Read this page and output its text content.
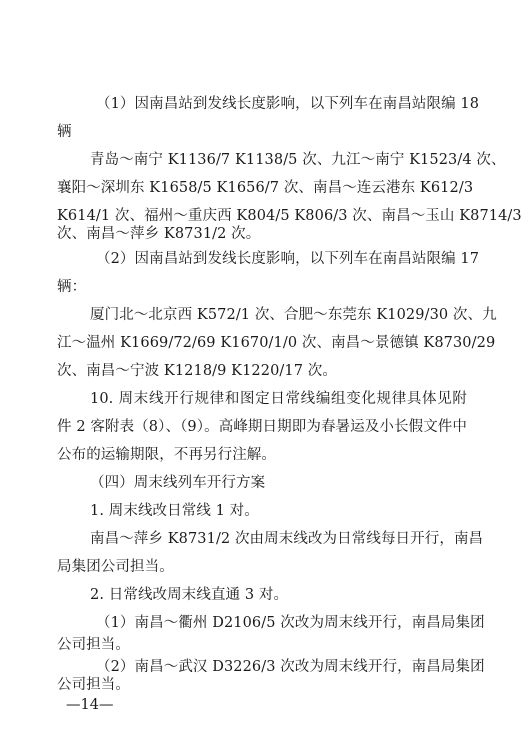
（1）因南昌站到发线长度影响，以下列车在南昌站限编 18
辆
青岛～南宁 K1136/7 K1138/5 次、九江～南宁 K1523/4 次、
襄阳～深圳东 K1658/5 K1656/7 次、南昌～连云港东 K612/3
K614/1 次、福州～重庆西 K804/5 K806/3 次、南昌～玉山 K8714/3
次、南昌～萍乡 K8731/2 次。
（2）因南昌站到发线长度影响，以下列车在南昌站限编 17
辆：
厦门北～北京西 K572/1 次、合肥～东莞东 K1029/30 次、九
江～温州 K1669/72/69 K1670/1/0 次、南昌～景德镇 K8730/29
次、南昌～宁波 K1218/9 K1220/17 次。
10. 周末线开行规律和图定日常线编组变化规律具体见附
件 2 客附表（8）、（9）。高峰期日期即为春暑运及小长假文件中
公布的运输期限，不再另行注解。
（四）周末线列车开行方案
1. 周末线改日常线 1 对。
南昌～萍乡 K8731/2 次由周末线改为日常线每日开行，南昌
局集团公司担当。
2. 日常线改周末线直通 3 对。
（1）南昌～衢州 D2106/5 次改为周末线开行，南昌局集团
公司担当。
（2）南昌～武汉 D3226/3 次改为周末线开行，南昌局集团
公司担当。
—14—
